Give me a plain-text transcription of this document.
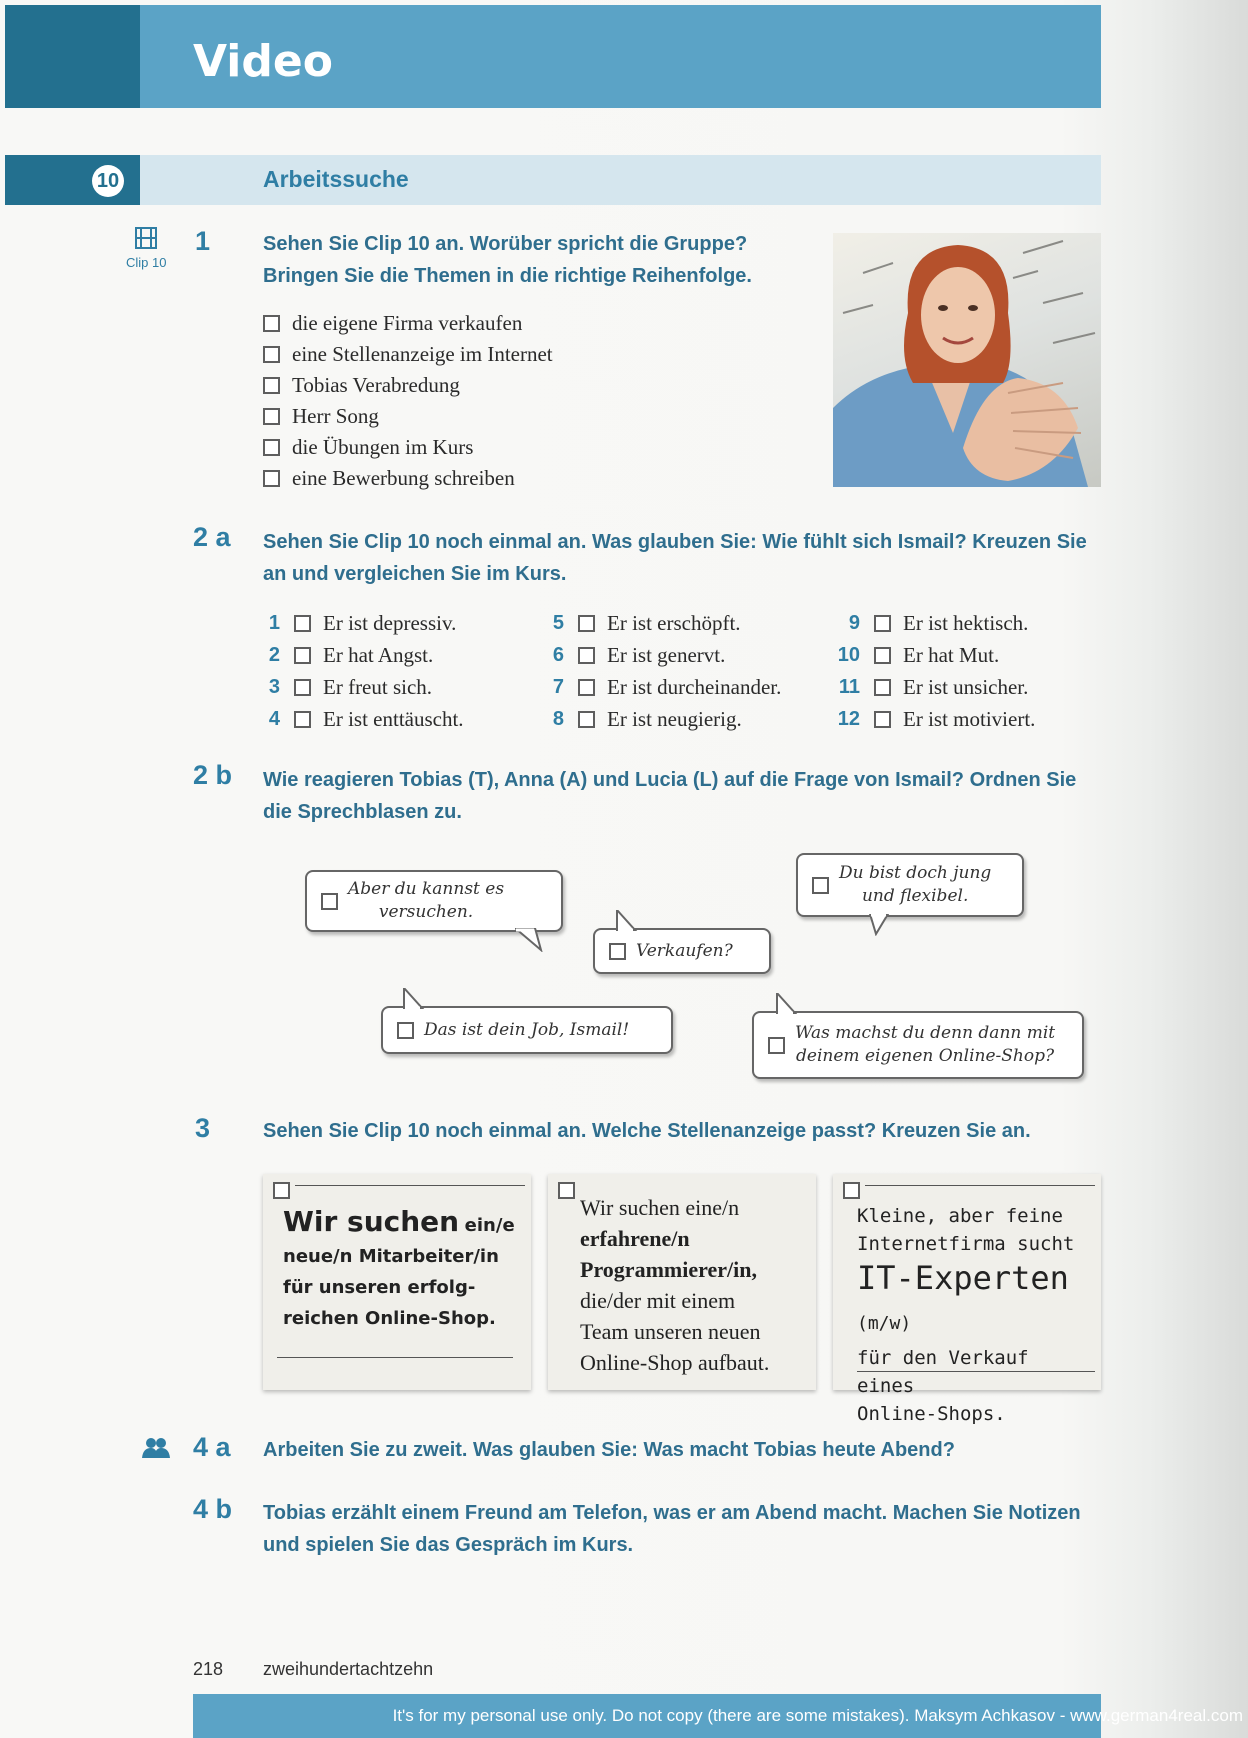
Video
10	Arbeitssuche
Clip 10
1	Sehen Sie Clip 10 an. Worüber spricht die Gruppe?
Bringen Sie die Themen in die richtige Reihenfolge.
die eigene Firma verkaufen
eine Stellenanzeige im Internet
Tobias Verabredung
Herr Song
die Übungen im Kurs
eine Bewerbung schreiben
2 a Sehen Sie Clip 10 noch einmal an. Was glauben Sie: Wie fühlt sich Ismail? Kreuzen Sie
an und vergleichen Sie im Kurs.
1 Er ist depressiv.
2 Er hat Angst.
3 Er freut sich.
4 Er ist enttäuscht.
5 Er ist erschöpft.
6 Er ist genervt.
7 Er ist durcheinander.
8 Er ist neugierig.
9 Er ist hektisch.
10 Er hat Mut.
11 Er ist unsicher.
12 Er ist motiviert.
2 b Wie reagieren Tobias (T), Anna (A) und Lucia (L) auf die Frage von Ismail? Ordnen Sie
die Sprechblasen zu.
Aber du kannst es
versuchen.
Verkaufen?
Du bist doch jung
und flexibel.
Das ist dein Job, Ismail!	Was machst du denn dann mit
deinem eigenen Online-Shop?
3	Sehen Sie Clip 10 noch einmal an. Welche Stellenanzeige passt? Kreuzen Sie an.
Wir suchen ein/e
neue/n Mitarbeiter/in
für unseren erfolg-
reichen Online-Shop.
Wir suchen eine/n
erfahrene/n
Programmierer/in,
die/der mit einem
Team unseren neuen
Online-Shop aufbaut.
Kleine, aber feine
Internetfirma sucht
IT-Experten (m/w)
für den Verkauf eines
Online-Shops.
4 a Arbeiten Sie zu zweit. Was glauben Sie: Was macht Tobias heute Abend?
4 b Tobias erzählt einem Freund am Telefon, was er am Abend macht. Machen Sie Notizen
und spielen Sie das Gespräch im Kurs.
218 zweihundertachtzehn
It's for my personal use only. Do not copy (there are some mistakes). Maksym Achkasov - www.german4real.com
